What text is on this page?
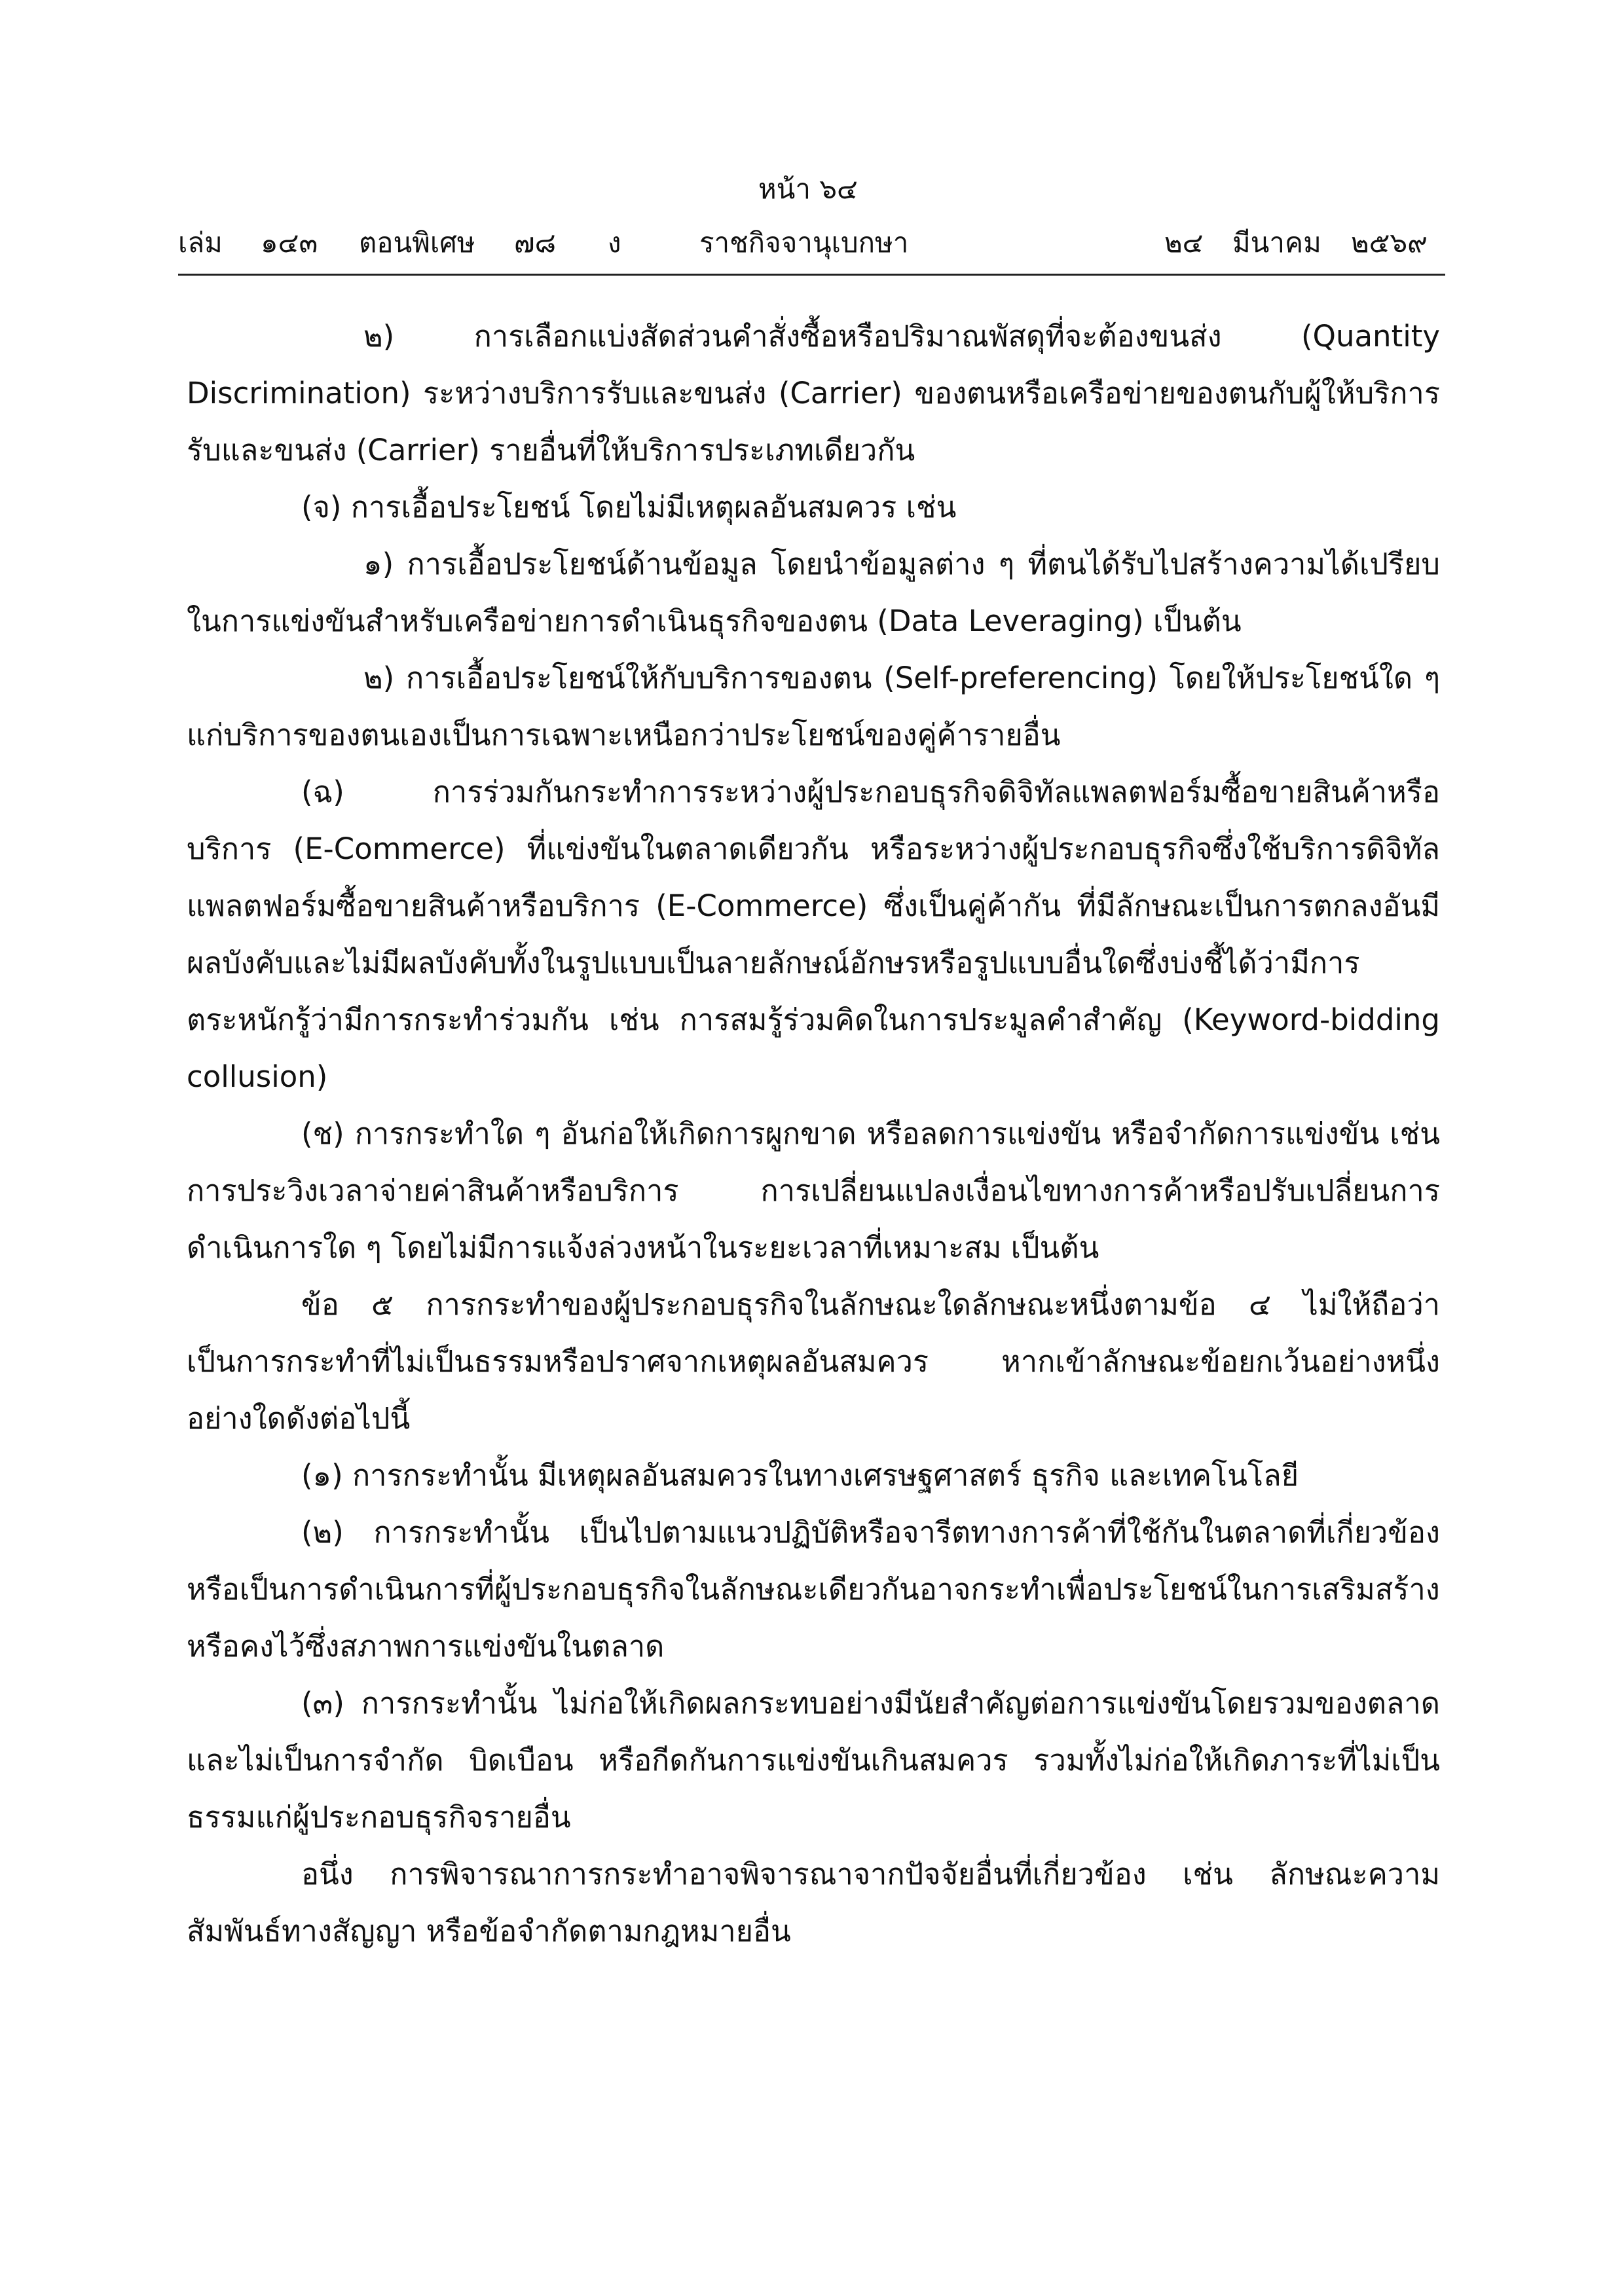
หน้า ๖๔
เล่ม ๑๔๓ ตอนพิเศษ ๗๘ ง	ราชกิจจานุเบกษา	๒๔ มีนาคม ๒๕๖๙

๒) การเลือกแบ่งสัดส่วนคำสั่งซื้อหรือปริมาณพัสดุที่จะต้องขนส่ง (Quantity Discrimination) ระหว่างบริการรับและขนส่ง (Carrier) ของตนหรือเครือข่ายของตนกับผู้ให้บริการรับและขนส่ง (Carrier) รายอื่นที่ให้บริการประเภทเดียวกัน

(จ) การเอื้อประโยชน์ โดยไม่มีเหตุผลอันสมควร เช่น

๑) การเอื้อประโยชน์ด้านข้อมูล โดยนำข้อมูลต่าง ๆ ที่ตนได้รับไปสร้างความได้เปรียบในการแข่งขันสำหรับเครือข่ายการดำเนินธุรกิจของตน (Data Leveraging) เป็นต้น

๒) การเอื้อประโยชน์ให้กับบริการของตน (Self-preferencing) โดยให้ประโยชน์ใด ๆ แก่บริการของตนเองเป็นการเฉพาะเหนือกว่าประโยชน์ของคู่ค้ารายอื่น

(ฉ) การร่วมกันกระทำการระหว่างผู้ประกอบธุรกิจดิจิทัลแพลตฟอร์มซื้อขายสินค้าหรือบริการ (E-Commerce) ที่แข่งขันในตลาดเดียวกัน หรือระหว่างผู้ประกอบธุรกิจซึ่งใช้บริการดิจิทัลแพลตฟอร์มซื้อขายสินค้าหรือบริการ (E-Commerce) ซึ่งเป็นคู่ค้ากัน ที่มีลักษณะเป็นการตกลงอันมีผลบังคับและไม่มีผลบังคับทั้งในรูปแบบเป็นลายลักษณ์อักษรหรือรูปแบบอื่นใดซึ่งบ่งชี้ได้ว่ามีการตระหนักรู้ว่ามีการกระทำร่วมกัน เช่น การสมรู้ร่วมคิดในการประมูลคำสำคัญ (Keyword-bidding collusion)

(ช) การกระทำใด ๆ อันก่อให้เกิดการผูกขาด หรือลดการแข่งขัน หรือจำกัดการแข่งขัน เช่น การประวิงเวลาจ่ายค่าสินค้าหรือบริการ การเปลี่ยนแปลงเงื่อนไขทางการค้าหรือปรับเปลี่ยนการดำเนินการใด ๆ โดยไม่มีการแจ้งล่วงหน้าในระยะเวลาที่เหมาะสม เป็นต้น

ข้อ ๕ การกระทำของผู้ประกอบธุรกิจในลักษณะใดลักษณะหนึ่งตามข้อ ๔ ไม่ให้ถือว่าเป็นการกระทำที่ไม่เป็นธรรมหรือปราศจากเหตุผลอันสมควร หากเข้าลักษณะข้อยกเว้นอย่างหนึ่งอย่างใดดังต่อไปนี้

(๑) การกระทำนั้น มีเหตุผลอันสมควรในทางเศรษฐศาสตร์ ธุรกิจ และเทคโนโลยี

(๒) การกระทำนั้น เป็นไปตามแนวปฏิบัติหรือจารีตทางการค้าที่ใช้กันในตลาดที่เกี่ยวข้องหรือเป็นการดำเนินการที่ผู้ประกอบธุรกิจในลักษณะเดียวกันอาจกระทำเพื่อประโยชน์ในการเสริมสร้างหรือคงไว้ซึ่งสภาพการแข่งขันในตลาด

(๓) การกระทำนั้น ไม่ก่อให้เกิดผลกระทบอย่างมีนัยสำคัญต่อการแข่งขันโดยรวมของตลาดและไม่เป็นการจำกัด บิดเบือน หรือกีดกันการแข่งขันเกินสมควร รวมทั้งไม่ก่อให้เกิดภาระที่ไม่เป็นธรรมแก่ผู้ประกอบธุรกิจรายอื่น

อนึ่ง การพิจารณาการกระทำอาจพิจารณาจากปัจจัยอื่นที่เกี่ยวข้อง เช่น ลักษณะความสัมพันธ์ทางสัญญา หรือข้อจำกัดตามกฎหมายอื่น
